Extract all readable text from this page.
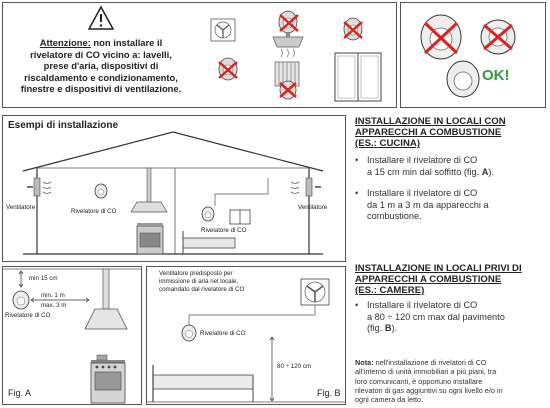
Attenzione: non installare il
rivelatore di CO vicino a: lavelli,
prese d'aria, dispositivi di
riscaldamento e condizionamento,
finestre e dispositivi di ventilazione.
OK!
Esempi di installazione
Ventilatore
Rivelatore di CO
Rivelatore di CO
Ventilatore
min 15 cm
min. 1 m
max. 3 m
Rivelatore di CO
Fig. A
Ventilatore predisposto per
immissione di aria nel locale,
comandato dal rivelatore di CO
Rivelatore di CO
80 ÷ 120 cm
Fig. B
INSTALLAZIONE IN LOCALI CON
APPARECCHI A COMBUSTIONE
(ES.: CUCINA)
• Installare il rivelatore di CO
a 15 cm min dal soffitto (fig. A).
• Installare il rivelatore di CO
da 1 m a 3 m da apparecchi a
combustione.
INSTALLAZIONE IN LOCALI PRIVI DI
APPARECCHI A COMBUSTIONE
(ES.: CAMERE)
• Installare il rivelatore di CO
a 80 ÷ 120 cm max dal pavimento
(fig. B).
Nota: nell'installazione di rivelatori di CO
all'interno di unità immobiliari a più piani, tra
loro comunicanti, è opportuno installare
rilevatori di gas aggiuntivi su ogni livello e/o in
ogni camera da letto.
